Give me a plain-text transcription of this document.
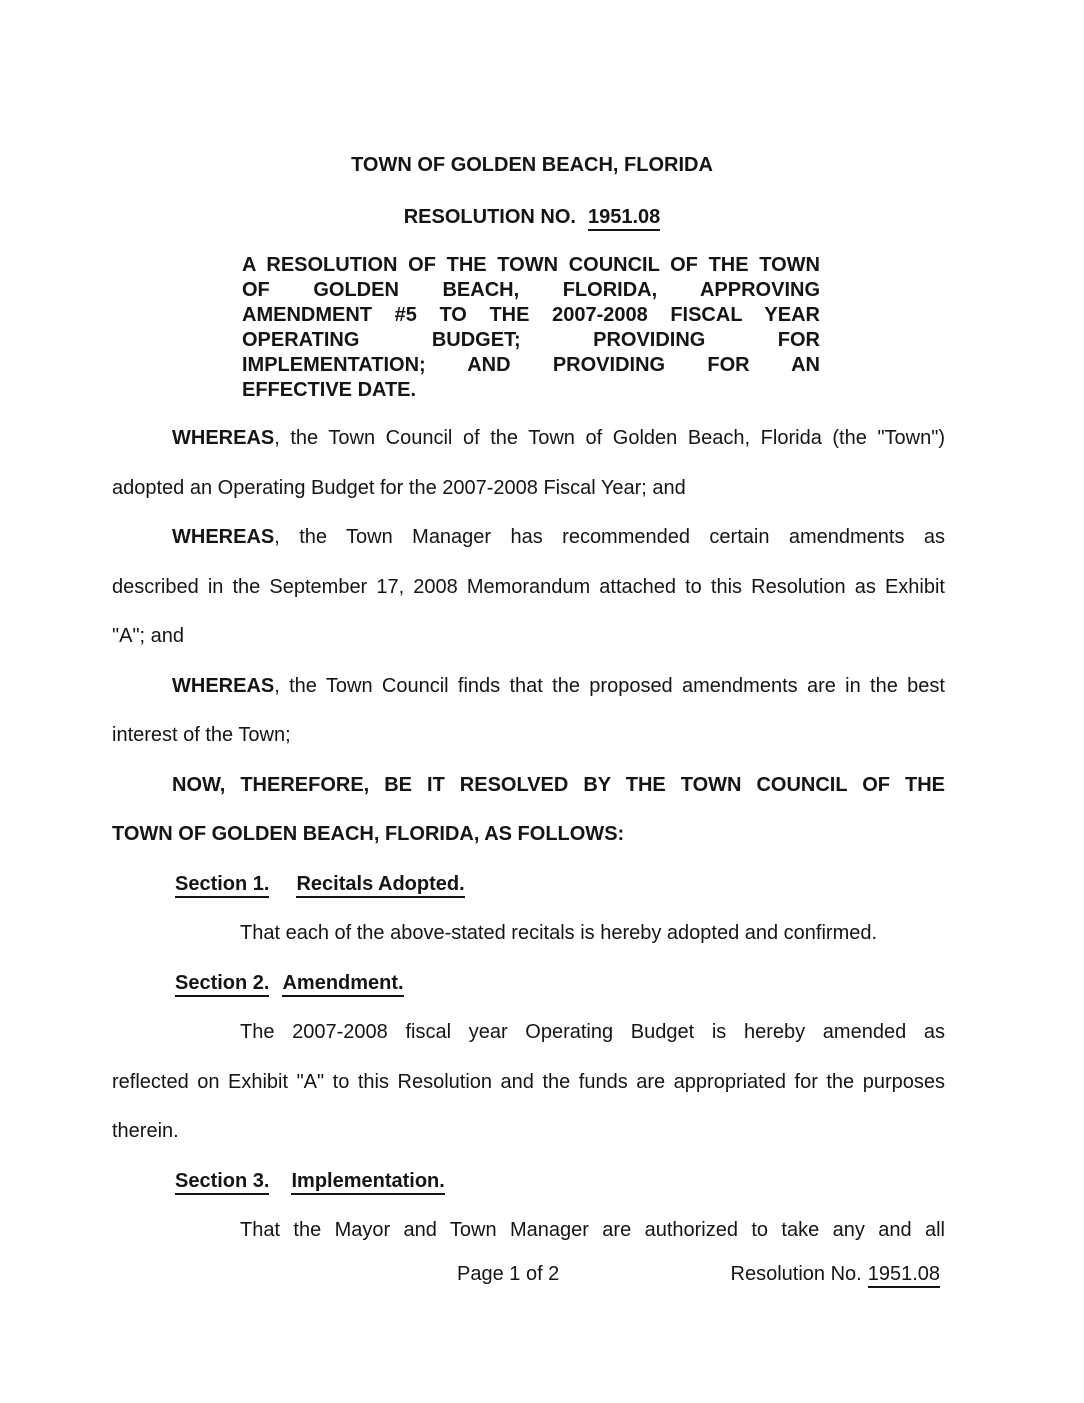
TOWN OF GOLDEN BEACH, FLORIDA
RESOLUTION NO. 1951.08
A RESOLUTION OF THE TOWN COUNCIL OF THE TOWN
OF GOLDEN BEACH, FLORIDA, APPROVING
AMENDMENT #5 TO THE 2007-2008 FISCAL YEAR
OPERATING BUDGET; PROVIDING FOR
IMPLEMENTATION; AND PROVIDING FOR AN
EFFECTIVE DATE.
WHEREAS, the Town Council of the Town of Golden Beach, Florida (the "Town")
adopted an Operating Budget for the 2007-2008 Fiscal Year; and
WHEREAS, the Town Manager has recommended certain amendments as
described in the September 17, 2008 Memorandum attached to this Resolution as Exhibit
"A"; and
WHEREAS, the Town Council finds that the proposed amendments are in the best
interest of the Town;
NOW, THEREFORE, BE IT RESOLVED BY THE TOWN COUNCIL OF THE
TOWN OF GOLDEN BEACH, FLORIDA, AS FOLLOWS:
Section 1. Recitals Adopted.
That each of the above-stated recitals is hereby adopted and confirmed.
Section 2. Amendment.
The 2007-2008 fiscal year Operating Budget is hereby amended as
reflected on Exhibit "A" to this Resolution and the funds are appropriated for the purposes
therein.
Section 3. Implementation.
That the Mayor and Town Manager are authorized to take any and all
Page 1 of 2	Resolution No. 1951.08
